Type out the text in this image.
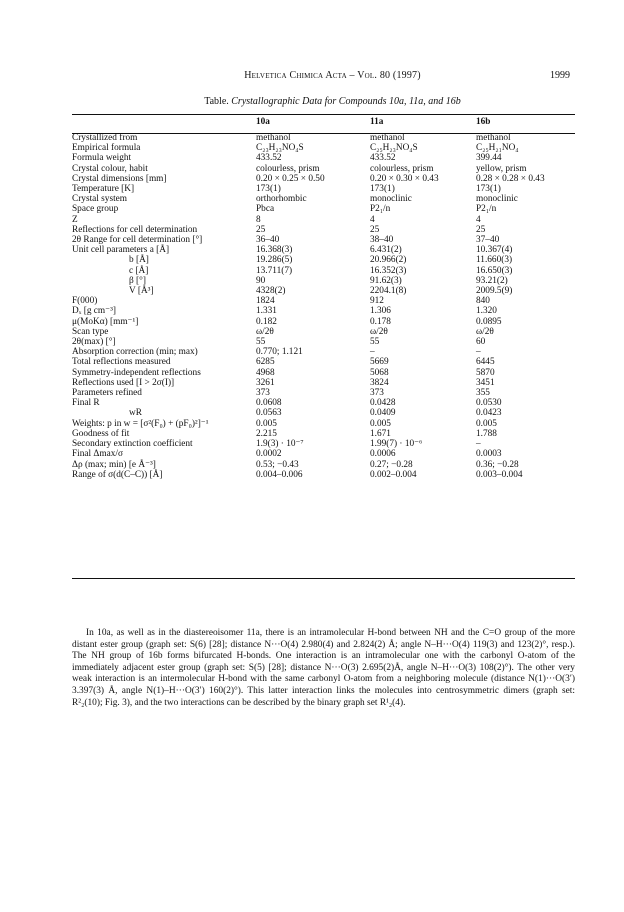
Helvetica Chimica Acta – Vol. 80 (1997)	1999
Table. Crystallographic Data for Compounds 10a, 11a, and 16b
	10a	11a	16b
Crystallized from	methanol	methanol	methanol
Empirical formula	C₂₃H₂₃NO₄S	C₂₅H₂₃NO₄S	C₂₅H₂₁NO₄
Formula weight	433.52	433.52	399.44
Crystal colour, habit	colourless, prism	colourless, prism	yellow, prism
Crystal dimensions [mm]	0.20 × 0.25 × 0.50	0.20 × 0.30 × 0.43	0.28 × 0.28 × 0.43
Temperature [K]	173(1)	173(1)	173(1)
Crystal system	orthorhombic	monoclinic	monoclinic
Space group	Pbca	P2₁/n	P2₁/n
Z	8	4	4
Reflections for cell determination	25	25	25
2θ Range for cell determination [°]	36–40	38–40	37–40
Unit cell parameters a [Å]	16.368(3)	6.431(2)	10.367(4)
b [Å]	19.286(5)	20.966(2)	11.660(3)
c [Å]	13.711(7)	16.352(3)	16.650(3)
β [°]	90	91.62(3)	93.21(2)
V [Å³]	4328(2)	2204.1(8)	2009.5(9)
F(000)	1824	912	840
Dₓ [g cm⁻³]	1.331	1.306	1.320
μ(MoKα) [mm⁻¹]	0.182	0.178	0.0895
Scan type	ω/2θ	ω/2θ	ω/2θ
2θ(max) [°]	55	55	60
Absorption correction (min; max)	0.770; 1.121	–	–
Total reflections measured	6285	5669	6445
Symmetry-independent reflections	4968	5068	5870
Reflections used [I > 2σ(I)]	3261	3824	3451
Parameters refined	373	373	355
Final R	0.0608	0.0428	0.0530
wR	0.0563	0.0409	0.0423
Weights: p in w = [σ²(F₀) + (pF₀)²]⁻¹	0.005	0.005	0.005
Goodness of fit	2.215	1.671	1.788
Secondary extinction coefficient	1.9(3) · 10⁻⁷	1.99(7) · 10⁻⁶	–
Final Δmax/σ	0.0002	0.0006	0.0003
Δρ (max; min) [e Å⁻³]	0.53; −0.43	0.27; −0.28	0.36; −0.28
Range of σ(d(C–C)) [Å]	0.004–0.006	0.002–0.004	0.003–0.004

In 10a, as well as in the diastereoisomer 11a, there is an intramolecular H-bond between NH and the C=O group of the more distant ester group (graph set: S(6) [28]; distance N···O(4) 2.980(4) and 2.824(2) Å; angle N–H···O(4) 119(3) and 123(2)°, resp.). The NH group of 16b forms bifurcated H-bonds. One interaction is an intramolecular one with the carbonyl O-atom of the immediately adjacent ester group (graph set: S(5) [28]; distance N···O(3) 2.695(2)Å, angle N–H···O(3) 108(2)°). The other very weak interaction is an intermolecular H-bond with the same carbonyl O-atom from a neighboring molecule (distance N(1)···O(3′) 3.397(3) Å, angle N(1)–H···O(3′) 160(2)°). This latter interaction links the molecules into centrosymmetric dimers (graph set: R²₂(10); Fig. 3), and the two interactions can be described by the binary graph set R¹₂(4).
